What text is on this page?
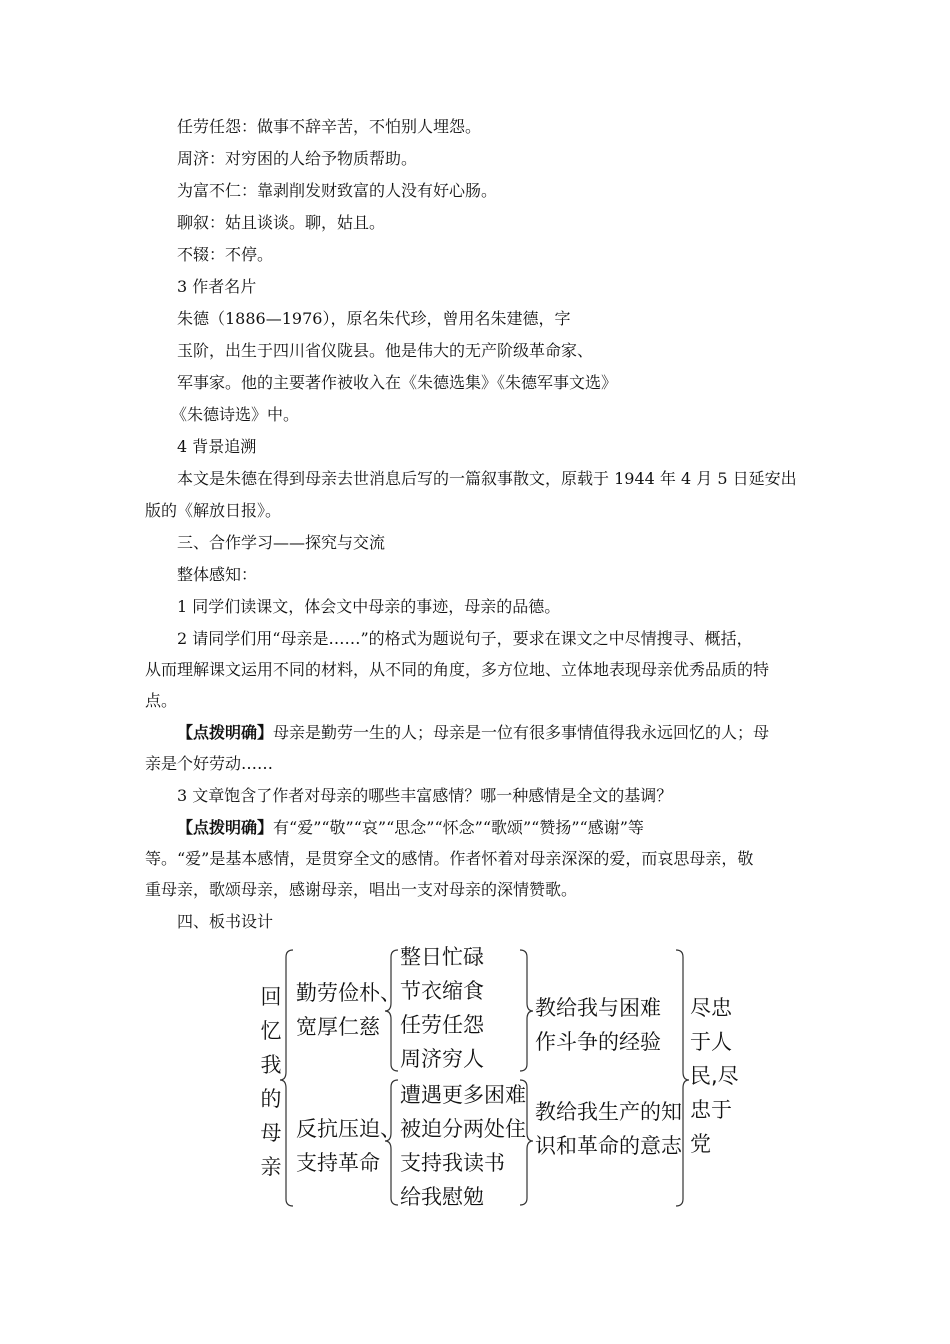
任劳任怨：做事不辞辛苦，不怕别人埋怨。
周济：对穷困的人给予物质帮助。
为富不仁：靠剥削发财致富的人没有好心肠。
聊叙：姑且谈谈。聊，姑且。
不辍：不停。
3 作者名片
朱德（1886—1976），原名朱代珍，曾用名朱建德，字
玉阶，出生于四川省仪陇县。他是伟大的无产阶级革命家、
军事家。他的主要著作被收入在《朱德选集》《朱德军事文选》
《朱德诗选》中。
4 背景追溯
本文是朱德在得到母亲去世消息后写的一篇叙事散文，原载于 1944 年 4 月 5 日延安出
版的《解放日报》。
三、合作学习——探究与交流
整体感知：
1 同学们读课文，体会文中母亲的事迹，母亲的品德。
2 请同学们用“母亲是……”的格式为题说句子，要求在课文之中尽情搜寻、概括，
从而理解课文运用不同的材料，从不同的角度，多方位地、立体地表现母亲优秀品质的特
点。
【点拨明确】母亲是勤劳一生的人；母亲是一位有很多事情值得我永远回忆的人；母
亲是个好劳动……
3 文章饱含了作者对母亲的哪些丰富感情？哪一种感情是全文的基调？
【点拨明确】有“爱”“敬”“哀”“思念”“怀念”“歌颂”“赞扬”“感谢”等
等。“爱”是基本感情，是贯穿全文的感情。作者怀着对母亲深深的爱，而哀思母亲，敬
重母亲，歌颂母亲，感谢母亲，唱出一支对母亲的深情赞歌。
四、板书设计
回
忆
我
的
母
亲
勤劳俭朴、
宽厚仁慈
整日忙碌
节衣缩食
任劳任怨
周济穷人
教给我与困难
作斗争的经验
反抗压迫、
支持革命
遭遇更多困难
被迫分两处住
支持我读书
给我慰勉
教给我生产的知
识和革命的意志
尽忠
于人
民,尽
忠于
党
